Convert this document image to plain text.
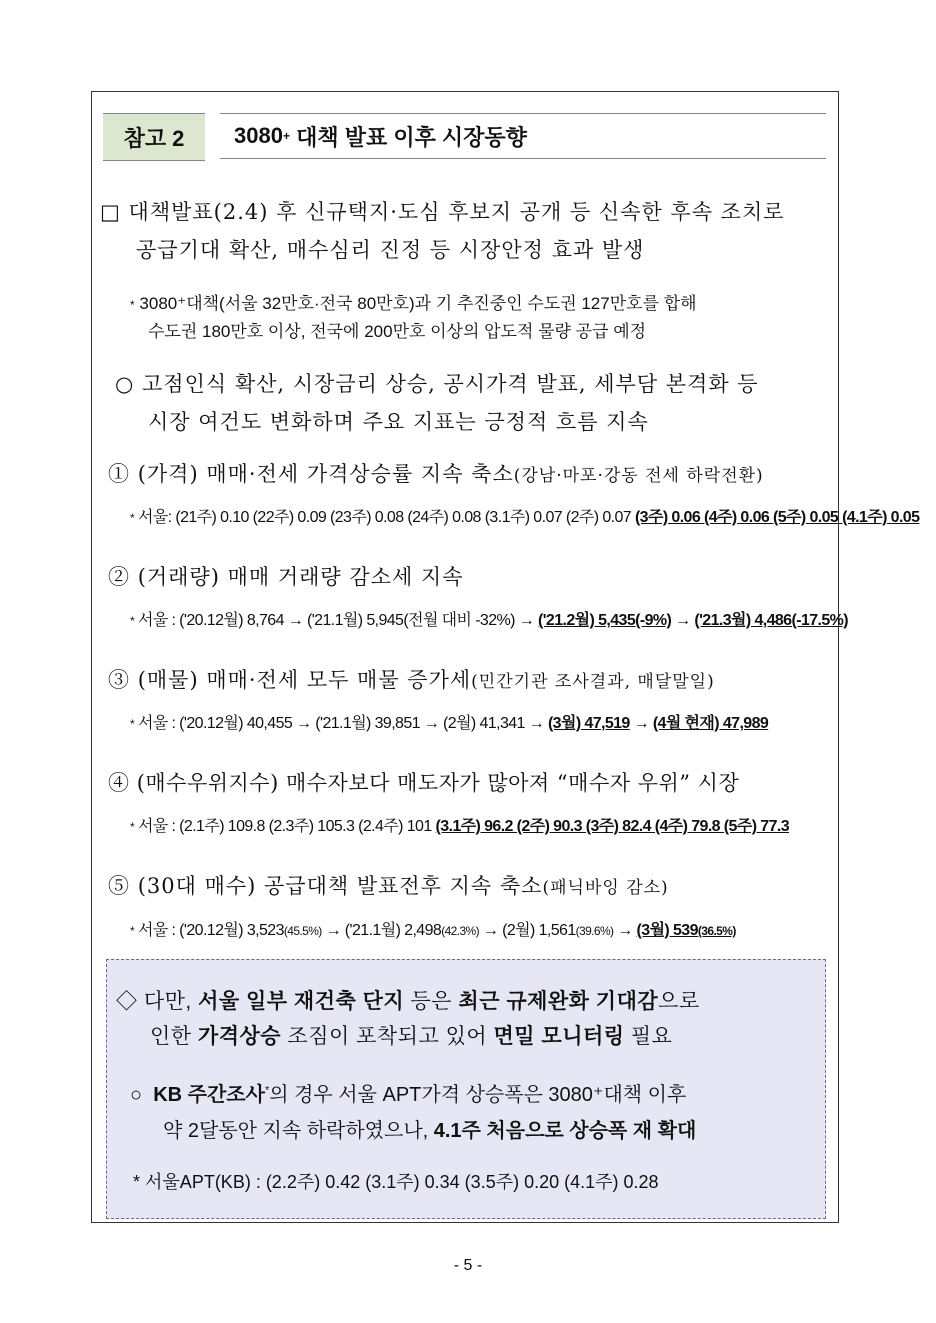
참고 2 3080 + 대책 발표 이후 시장동향
□ 대책발표(2.4) 후 신규택지·도심 후보지 공개 등 신속한 후속 조치로
공급기대 확산, 매수심리 진정 등 시장안정 효과 발생
* 3080⁺대책(서울 32만호·전국 80만호)과 기 추진중인 수도권 127만호를 합해
수도권 180만호 이상, 전국에 200만호 이상의 압도적 물량 공급 예정
○ 고점인식 확산, 시장금리 상승, 공시가격 발표, 세부담 본격화 등
시장 여건도 변화하며 주요 지표는 긍정적 흐름 지속
① (가격) 매매·전세 가격상승률 지속 축소(강남·마포·강동 전세 하락전환)
* 서울: (21주) 0.10 (22주) 0.09 (23주) 0.08 (24주) 0.08 (3.1주) 0.07 (2주) 0.07 (3주) 0.06 (4주) 0.06 (5주) 0.05 (4.1주) 0.05
② (거래량) 매매 거래량 감소세 지속
* 서울 : ('20.12월) 8,764 → ('21.1월) 5,945(전월 대비 -32%) → ('21.2월) 5,435(-9%) → ('21.3월) 4,486(-17.5%)
③ (매물) 매매·전세 모두 매물 증가세(민간기관 조사결과, 매달말일)
* 서울 : ('20.12월) 40,455 → ('21.1월) 39,851 → (2월) 41,341 → (3월) 47,519 → (4월 현재) 47,989
④ (매수우위지수) 매수자보다 매도자가 많아져 “매수자 우위” 시장
* 서울 : (2.1주) 109.8 (2.3주) 105.3 (2.4주) 101 (3.1주) 96.2 (2주) 90.3 (3주) 82.4 (4주) 79.8 (5주) 77.3
⑤ (30대 매수) 공급대책 발표전후 지속 축소(패닉바잉 감소)
* 서울 : ('20.12월) 3,523(45.5%) → ('21.1월) 2,498(42.3%) → (2월) 1,561(39.6%) → (3월) 539(36.5%)
◇ 다만, 서울 일부 재건축 단지 등은 최근 규제완화 기대감으로
인한 가격상승 조짐이 포착되고 있어 면밀 모니터링 필요
○ KB 주간조사*의 경우 서울 APT가격 상승폭은 3080⁺대책 이후
약 2달동안 지속 하락하였으나, 4.1주 처음으로 상승폭 재 확대
* 서울APT(KB) : (2.2주) 0.42 (3.1주) 0.34 (3.5주) 0.20 (4.1주) 0.28
- 5 -
